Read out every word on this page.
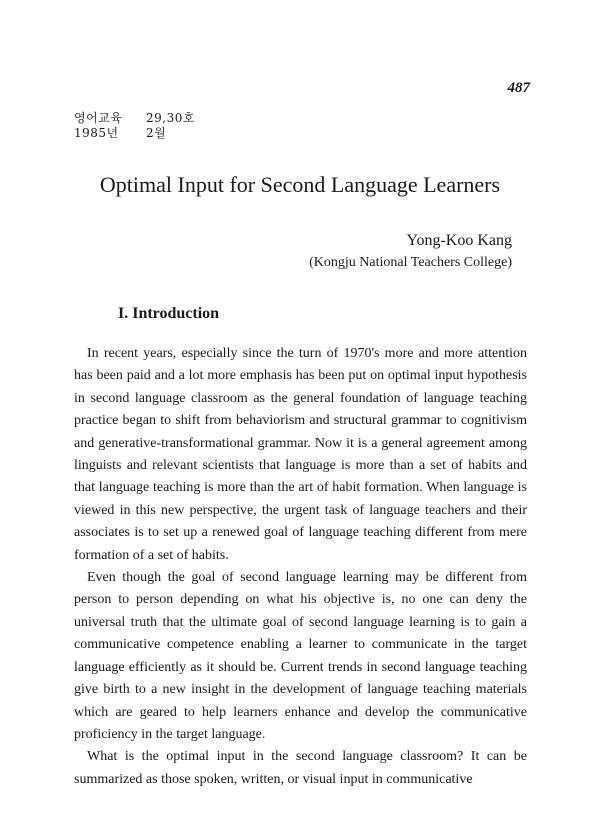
487
영어교육	29,30호
1985년	2월
Optimal Input for Second Language Learners

Yong-Koo Kang

(Kongju National Teachers College)

I. Introduction

In recent years, especially since the turn of 1970's more and more attention has been paid and a lot more emphasis has been put on optimal input hypothesis in second language classroom as the general foundation of language teaching practice began to shift from behaviorism and structural grammar to cognitivism and generative-transformational grammar. Now it is a general agreement among linguists and relevant scientists that language is more than a set of habits and that language teaching is more than the art of habit formation. When language is viewed in this new perspective, the urgent task of language teachers and their associates is to set up a renewed goal of language teaching different from mere formation of a set of habits.

Even though the goal of second language learning may be different from person to person depending on what his objective is, no one can deny the universal truth that the ultimate goal of second language learning is to gain a communicative competence enabling a learner to communicate in the target language efficiently as it should be. Current trends in second language teaching give birth to a new insight in the development of language teaching materials which are geared to help learners enhance and develop the communicative proficiency in the target language.

What is the optimal input in the second language classroom? It can be summarized as those spoken, written, or visual input in communicative
